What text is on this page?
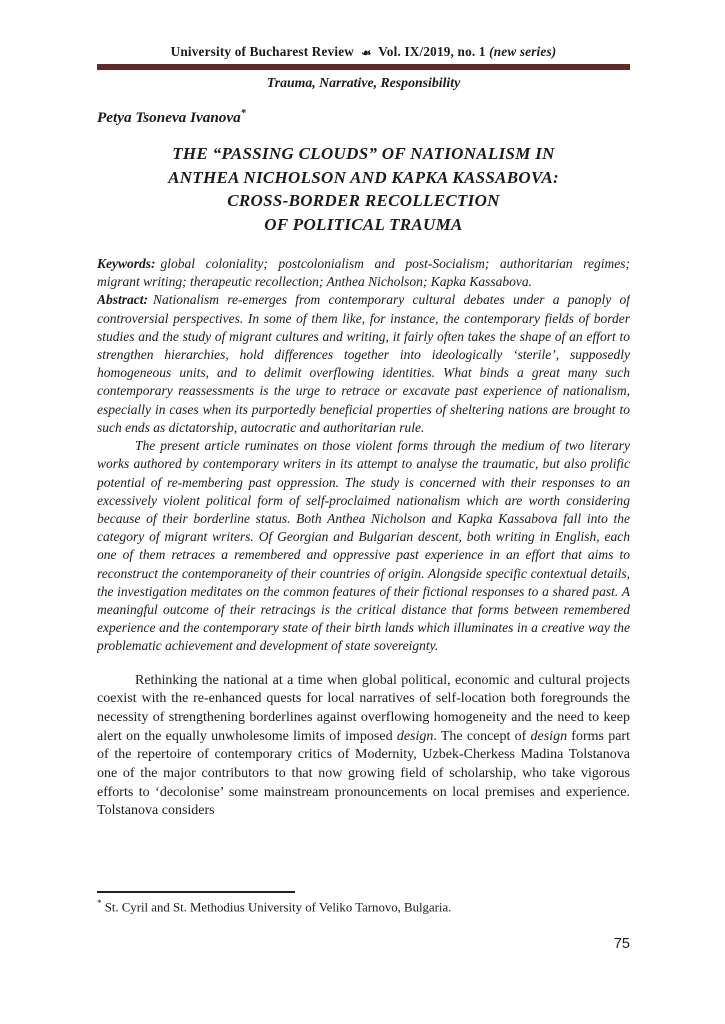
University of Bucharest Review ❧ Vol. IX/2019, no. 1 (new series)
Trauma, Narrative, Responsibility
Petya Tsoneva Ivanova*
THE “PASSING CLOUDS” OF NATIONALISM IN
ANTHEA NICHOLSON AND KAPKA KASSABOVA:
CROSS-BORDER RECOLLECTION
OF POLITICAL TRAUMA

Keywords: global coloniality; postcolonialism and post-Socialism; authoritarian regimes; migrant writing; therapeutic recollection; Anthea Nicholson; Kapka Kassabova.

Abstract: Nationalism re-emerges from contemporary cultural debates under a panoply of controversial perspectives. In some of them like, for instance, the contemporary fields of border studies and the study of migrant cultures and writing, it fairly often takes the shape of an effort to strengthen hierarchies, hold differences together into ideologically ‘sterile’, supposedly homogeneous units, and to delimit overflowing identities. What binds a great many such contemporary reassessments is the urge to retrace or excavate past experience of nationalism, especially in cases when its purportedly beneficial properties of sheltering nations are brought to such ends as dictatorship, autocratic and authoritarian rule.

The present article ruminates on those violent forms through the medium of two literary works authored by contemporary writers in its attempt to analyse the traumatic, but also prolific potential of re-membering past oppression. The study is concerned with their responses to an excessively violent political form of self-proclaimed nationalism which are worth considering because of their borderline status. Both Anthea Nicholson and Kapka Kassabova fall into the category of migrant writers. Of Georgian and Bulgarian descent, both writing in English, each one of them retraces a remembered and oppressive past experience in an effort that aims to reconstruct the contemporaneity of their countries of origin. Alongside specific contextual details, the investigation meditates on the common features of their fictional responses to a shared past. A meaningful outcome of their retracings is the critical distance that forms between remembered experience and the contemporary state of their birth lands which illuminates in a creative way the problematic achievement and development of state sovereignty.

Rethinking the national at a time when global political, economic and cultural projects coexist with the re-enhanced quests for local narratives of self-location both foregrounds the necessity of strengthening borderlines against overflowing homogeneity and the need to keep alert on the equally unwholesome limits of imposed design. The concept of design forms part of the repertoire of contemporary critics of Modernity, Uzbek-Cherkess Madina Tolstanova one of the major contributors to that now growing field of scholarship, who take vigorous efforts to ‘decolonise’ some mainstream pronouncements on local premises and experience. Tolstanova considers

* St. Cyril and St. Methodius University of Veliko Tarnovo, Bulgaria.
75
